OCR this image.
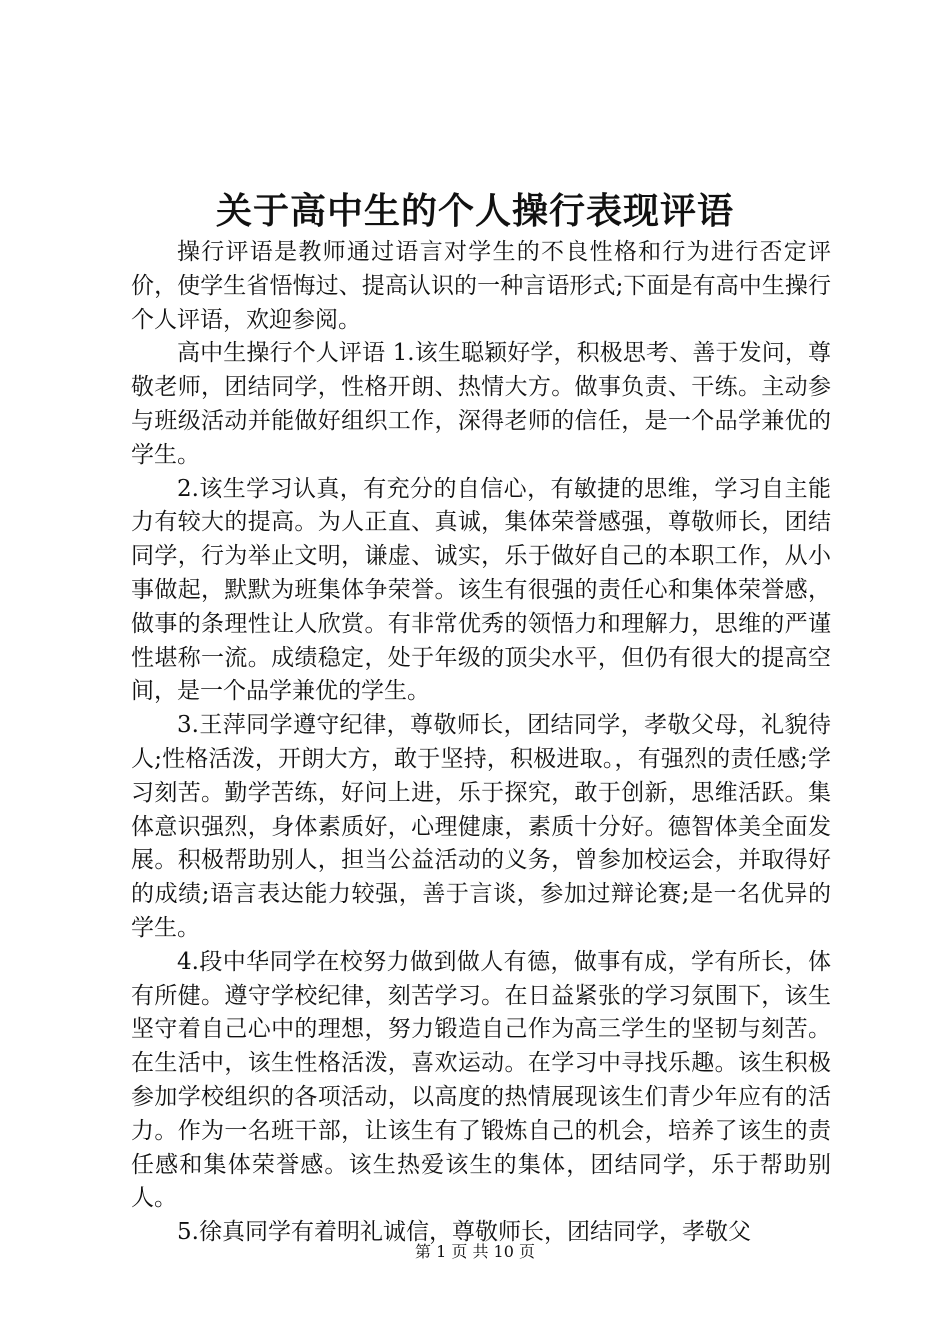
关于高中生的个人操行表现评语

操行评语是教师通过语言对学生的不良性格和行为进行否定评价，使学生省悟悔过、提高认识的一种言语形式;下面是有高中生操行个人评语，欢迎参阅。

高中生操行个人评语 1.该生聪颖好学，积极思考、善于发问，尊敬老师，团结同学，性格开朗、热情大方。做事负责、干练。主动参与班级活动并能做好组织工作，深得老师的信任，是一个品学兼优的学生。

2.该生学习认真，有充分的自信心，有敏捷的思维，学习自主能力有较大的提高。为人正直、真诚，集体荣誉感强，尊敬师长，团结同学，行为举止文明，谦虚、诚实，乐于做好自己的本职工作，从小事做起，默默为班集体争荣誉。该生有很强的责任心和集体荣誉感，做事的条理性让人欣赏。有非常优秀的领悟力和理解力，思维的严谨性堪称一流。成绩稳定，处于年级的顶尖水平，但仍有很大的提高空间，是一个品学兼优的学生。

3.王萍同学遵守纪律，尊敬师长，团结同学，孝敬父母，礼貌待人;性格活泼，开朗大方，敢于坚持，积极进取。，有强烈的责任感;学习刻苦。勤学苦练，好问上进，乐于探究，敢于创新，思维活跃。集体意识强烈，身体素质好，心理健康，素质十分好。德智体美全面发展。积极帮助别人，担当公益活动的义务，曾参加校运会，并取得好的成绩;语言表达能力较强，善于言谈，参加过辩论赛;是一名优异的学生。

4.段中华同学在校努力做到做人有德，做事有成，学有所长，体有所健。遵守学校纪律，刻苦学习。在日益紧张的学习氛围下，该生坚守着自己心中的理想，努力锻造自己作为高三学生的坚韧与刻苦。在生活中，该生性格活泼，喜欢运动。在学习中寻找乐趣。该生积极参加学校组织的各项活动，以高度的热情展现该生们青少年应有的活力。作为一名班干部，让该生有了锻炼自己的机会，培养了该生的责任感和集体荣誉感。该生热爱该生的集体，团结同学，乐于帮助别人。

5.徐真同学有着明礼诚信，尊敬师长，团结同学，孝敬父

第 1 页 共 10 页
